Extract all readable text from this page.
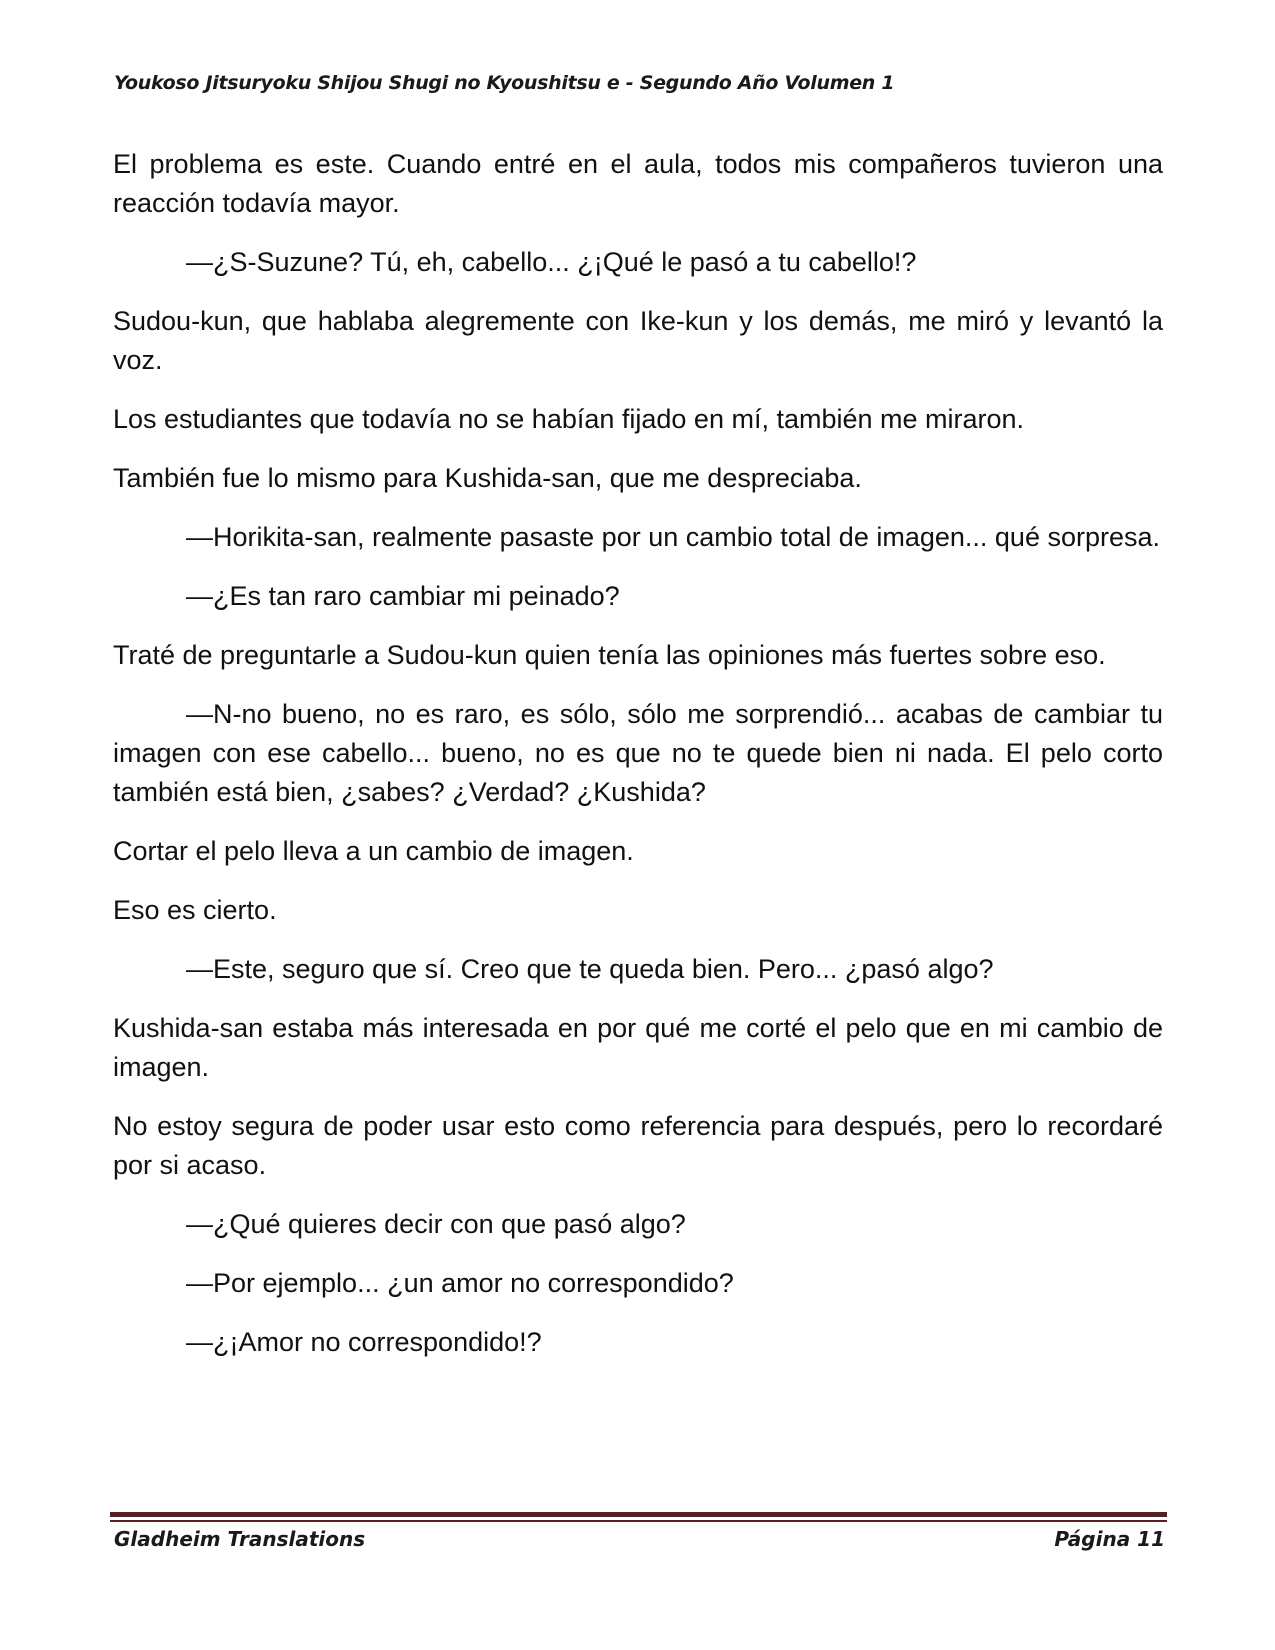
Youkoso Jitsuryoku Shijou Shugi no Kyoushitsu e - Segundo Año Volumen 1

El problema es este. Cuando entré en el aula, todos mis compañeros tuvieron una reacción todavía mayor.

—¿S-Suzune? Tú, eh, cabello... ¿¡Qué le pasó a tu cabello!?

Sudou-kun, que hablaba alegremente con Ike-kun y los demás, me miró y levantó la voz.

Los estudiantes que todavía no se habían fijado en mí, también me miraron.

También fue lo mismo para Kushida-san, que me despreciaba.

—Horikita-san, realmente pasaste por un cambio total de imagen... qué sorpresa.

—¿Es tan raro cambiar mi peinado?

Traté de preguntarle a Sudou-kun quien tenía las opiniones más fuertes sobre eso.

—N-no bueno, no es raro, es sólo, sólo me sorprendió... acabas de cambiar tu imagen con ese cabello... bueno, no es que no te quede bien ni nada. El pelo corto también está bien, ¿sabes? ¿Verdad? ¿Kushida?

Cortar el pelo lleva a un cambio de imagen.

Eso es cierto.

—Este, seguro que sí. Creo que te queda bien. Pero... ¿pasó algo?

Kushida-san estaba más interesada en por qué me corté el pelo que en mi cambio de imagen.

No estoy segura de poder usar esto como referencia para después, pero lo recordaré por si acaso.

—¿Qué quieres decir con que pasó algo?

—Por ejemplo... ¿un amor no correspondido?

—¿¡Amor no correspondido!?

Gladheim Translations	Página 11
